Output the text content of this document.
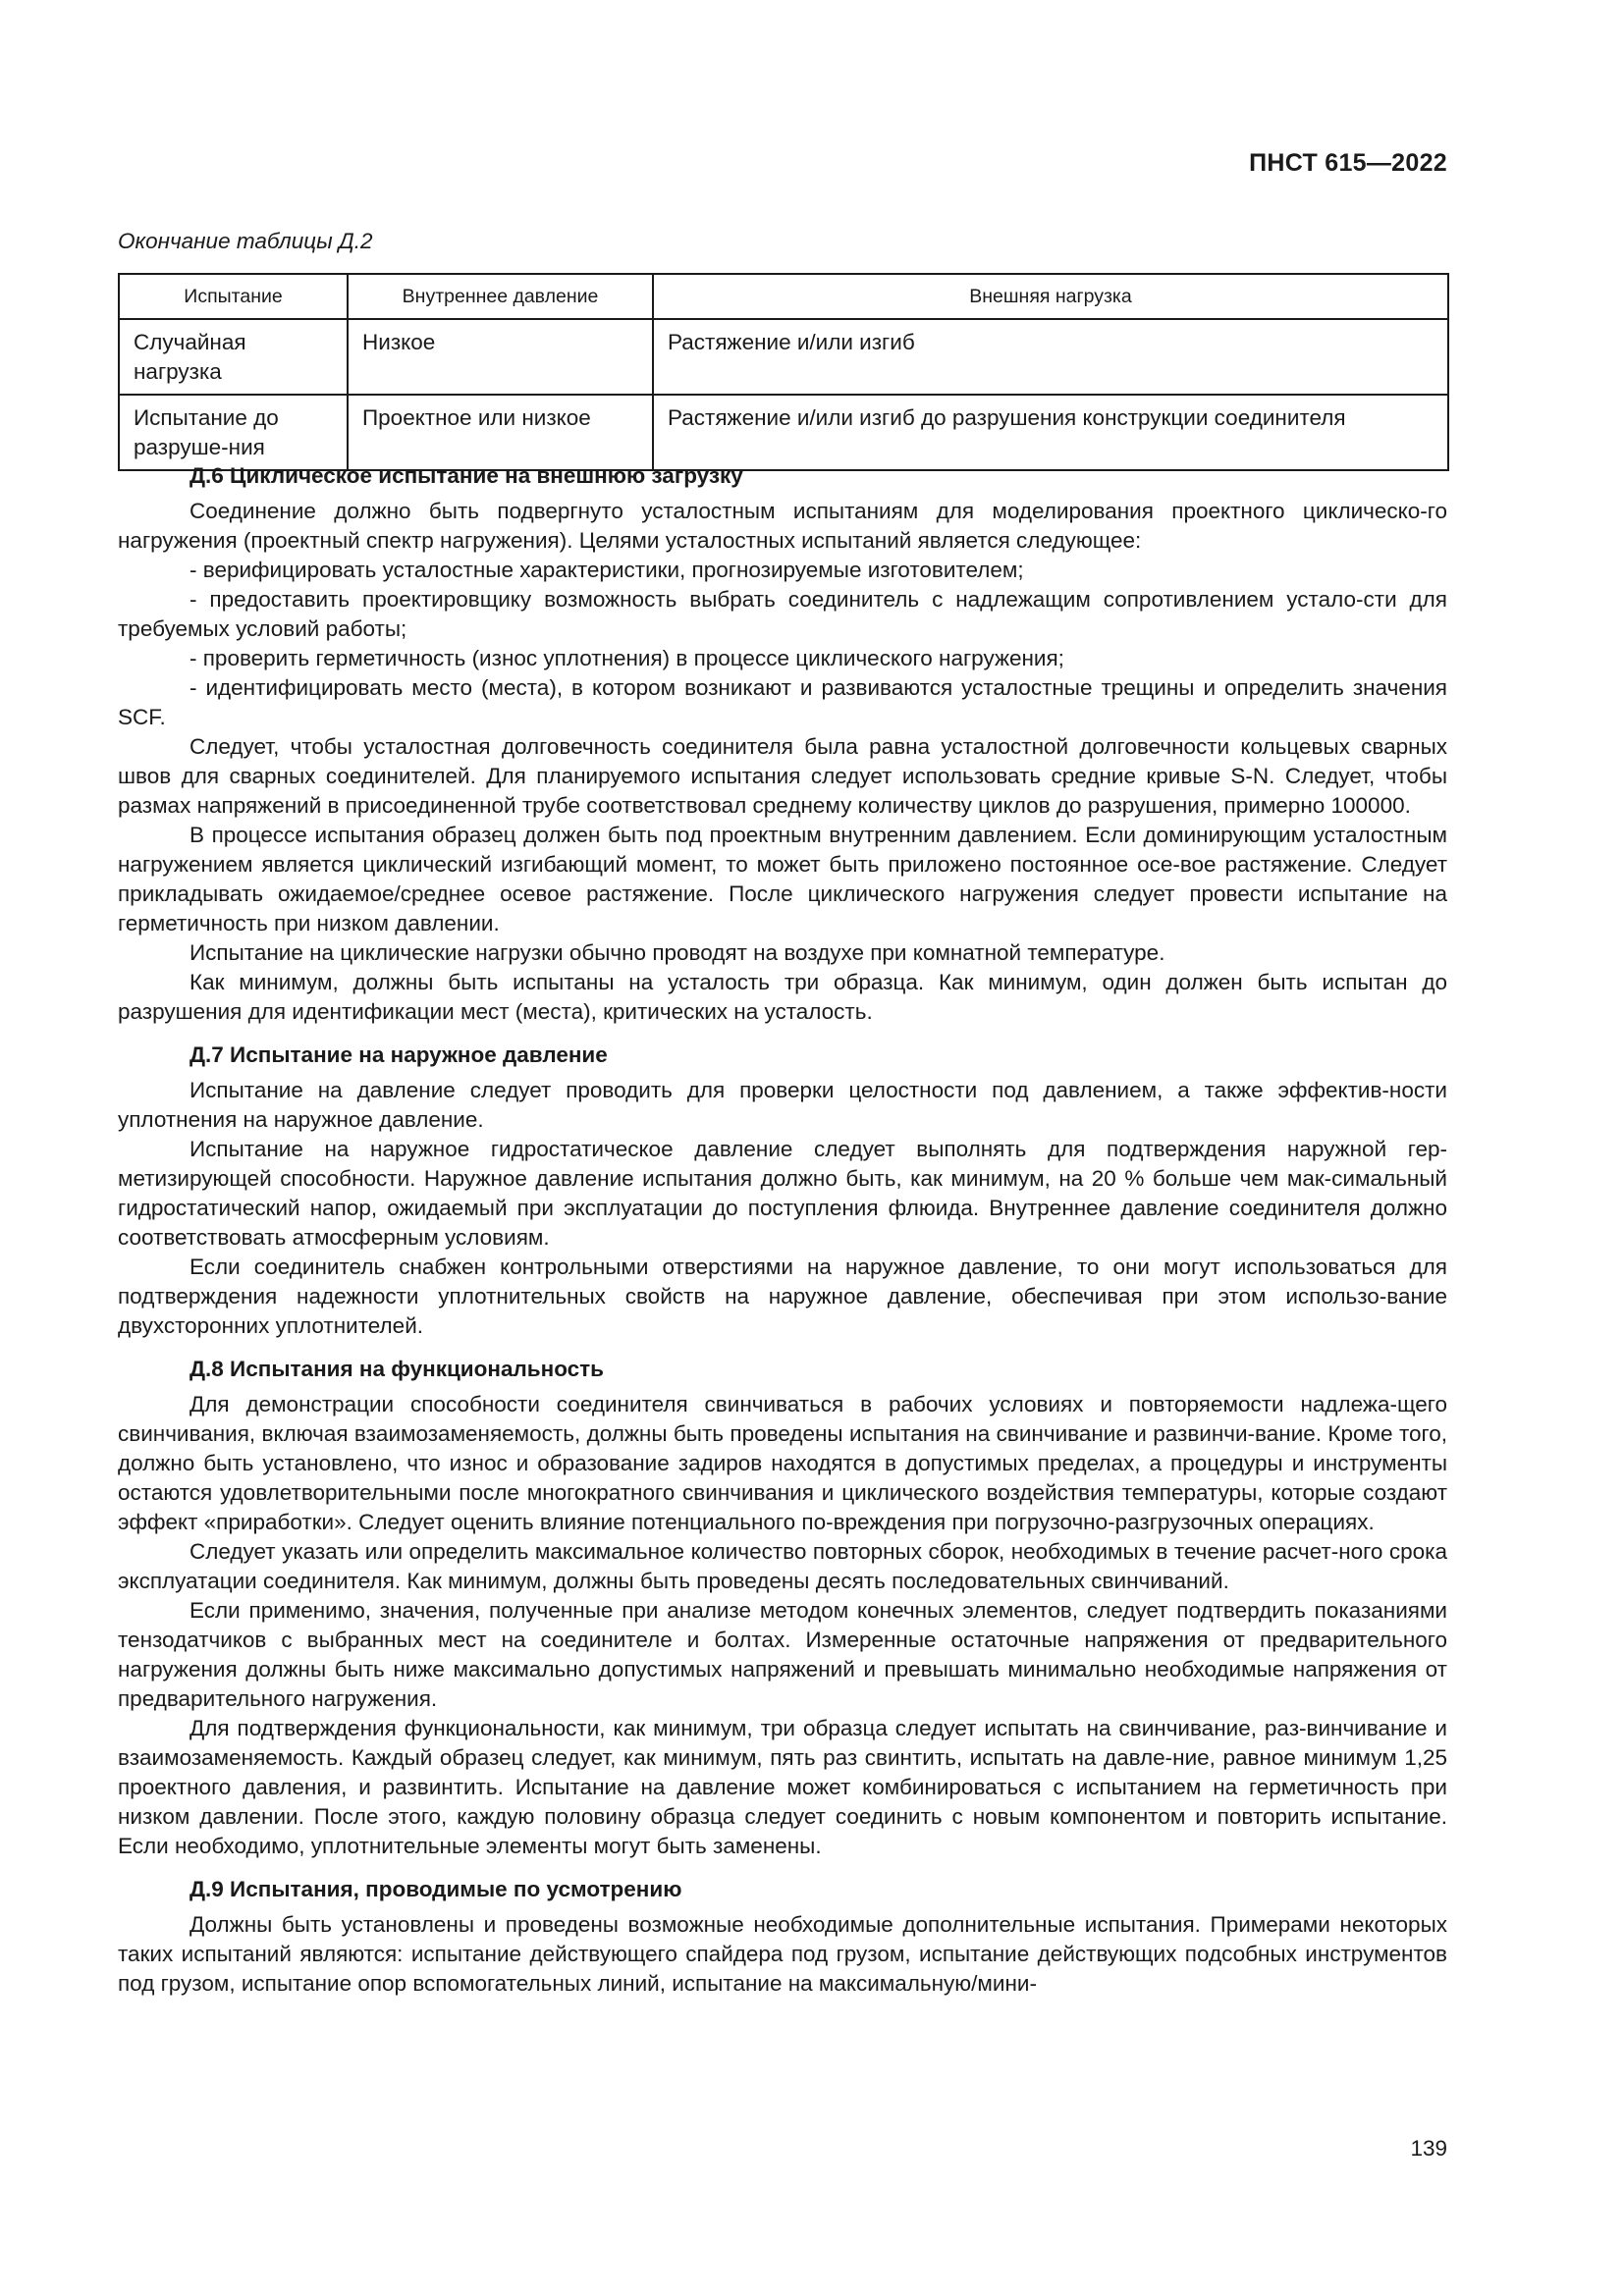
ПНСТ 615—2022
Окончание таблицы Д.2
Испытание	Внутреннее давление	Внешняя нагрузка
Случайная нагрузка	Низкое	Растяжение и/или изгиб
Испытание до разруше-ния	Проектное или низкое	Растяжение и/или изгиб до разрушения конструкции соединителя
Д.6 Циклическое испытание на внешнюю загрузку

Соединение должно быть подвергнуто усталостным испытаниям для моделирования проектного циклическо-го нагружения (проектный спектр нагружения). Целями усталостных испытаний является следующее:

- верифицировать усталостные характеристики, прогнозируемые изготовителем;

- предоставить проектировщику возможность выбрать соединитель с надлежащим сопротивлением устало-сти для требуемых условий работы;

- проверить герметичность (износ уплотнения) в процессе циклического нагружения;

- идентифицировать место (места), в котором возникают и развиваются усталостные трещины и определить значения SCF.

Следует, чтобы усталостная долговечность соединителя была равна усталостной долговечности кольцевых сварных швов для сварных соединителей. Для планируемого испытания следует использовать средние кривые S-N. Следует, чтобы размах напряжений в присоединенной трубе соответствовал среднему количеству циклов до разрушения, примерно 100000.

В процессе испытания образец должен быть под проектным внутренним давлением. Если доминирующим усталостным нагружением является циклический изгибающий момент, то может быть приложено постоянное осе-вое растяжение. Следует прикладывать ожидаемое/среднее осевое растяжение. После циклического нагружения следует провести испытание на герметичность при низком давлении.

Испытание на циклические нагрузки обычно проводят на воздухе при комнатной температуре.

Как минимум, должны быть испытаны на усталость три образца. Как минимум, один должен быть испытан до разрушения для идентификации мест (места), критических на усталость.

Д.7 Испытание на наружное давление

Испытание на давление следует проводить для проверки целостности под давлением, а также эффектив-ности уплотнения на наружное давление.

Испытание на наружное гидростатическое давление следует выполнять для подтверждения наружной гер-метизирующей способности. Наружное давление испытания должно быть, как минимум, на 20 % больше чем мак-симальный гидростатический напор, ожидаемый при эксплуатации до поступления флюида. Внутреннее давление соединителя должно соответствовать атмосферным условиям.

Если соединитель снабжен контрольными отверстиями на наружное давление, то они могут использоваться для подтверждения надежности уплотнительных свойств на наружное давление, обеспечивая при этом использо-вание двухсторонних уплотнителей.

Д.8 Испытания на функциональность

Для демонстрации способности соединителя свинчиваться в рабочих условиях и повторяемости надлежа-щего свинчивания, включая взаимозаменяемость, должны быть проведены испытания на свинчивание и развинчи-вание. Кроме того, должно быть установлено, что износ и образование задиров находятся в допустимых пределах, а процедуры и инструменты остаются удовлетворительными после многократного свинчивания и циклического воздействия температуры, которые создают эффект «приработки». Следует оценить влияние потенциального по-вреждения при погрузочно-разгрузочных операциях.

Следует указать или определить максимальное количество повторных сборок, необходимых в течение расчет-ного срока эксплуатации соединителя. Как минимум, должны быть проведены десять последовательных свинчиваний.

Если применимо, значения, полученные при анализе методом конечных элементов, следует подтвердить показаниями тензодатчиков с выбранных мест на соединителе и болтах. Измеренные остаточные напряжения от предварительного нагружения должны быть ниже максимально допустимых напряжений и превышать минимально необходимые напряжения от предварительного нагружения.

Для подтверждения функциональности, как минимум, три образца следует испытать на свинчивание, раз-винчивание и взаимозаменяемость. Каждый образец следует, как минимум, пять раз свинтить, испытать на давле-ние, равное минимум 1,25 проектного давления, и развинтить. Испытание на давление может комбинироваться с испытанием на герметичность при низком давлении. После этого, каждую половину образца следует соединить с новым компонентом и повторить испытание. Если необходимо, уплотнительные элементы могут быть заменены.

Д.9 Испытания, проводимые по усмотрению

Должны быть установлены и проведены возможные необходимые дополнительные испытания. Примерами некоторых таких испытаний являются: испытание действующего спайдера под грузом, испытание действующих подсобных инструментов под грузом, испытание опор вспомогательных линий, испытание на максимальную/мини-

139
